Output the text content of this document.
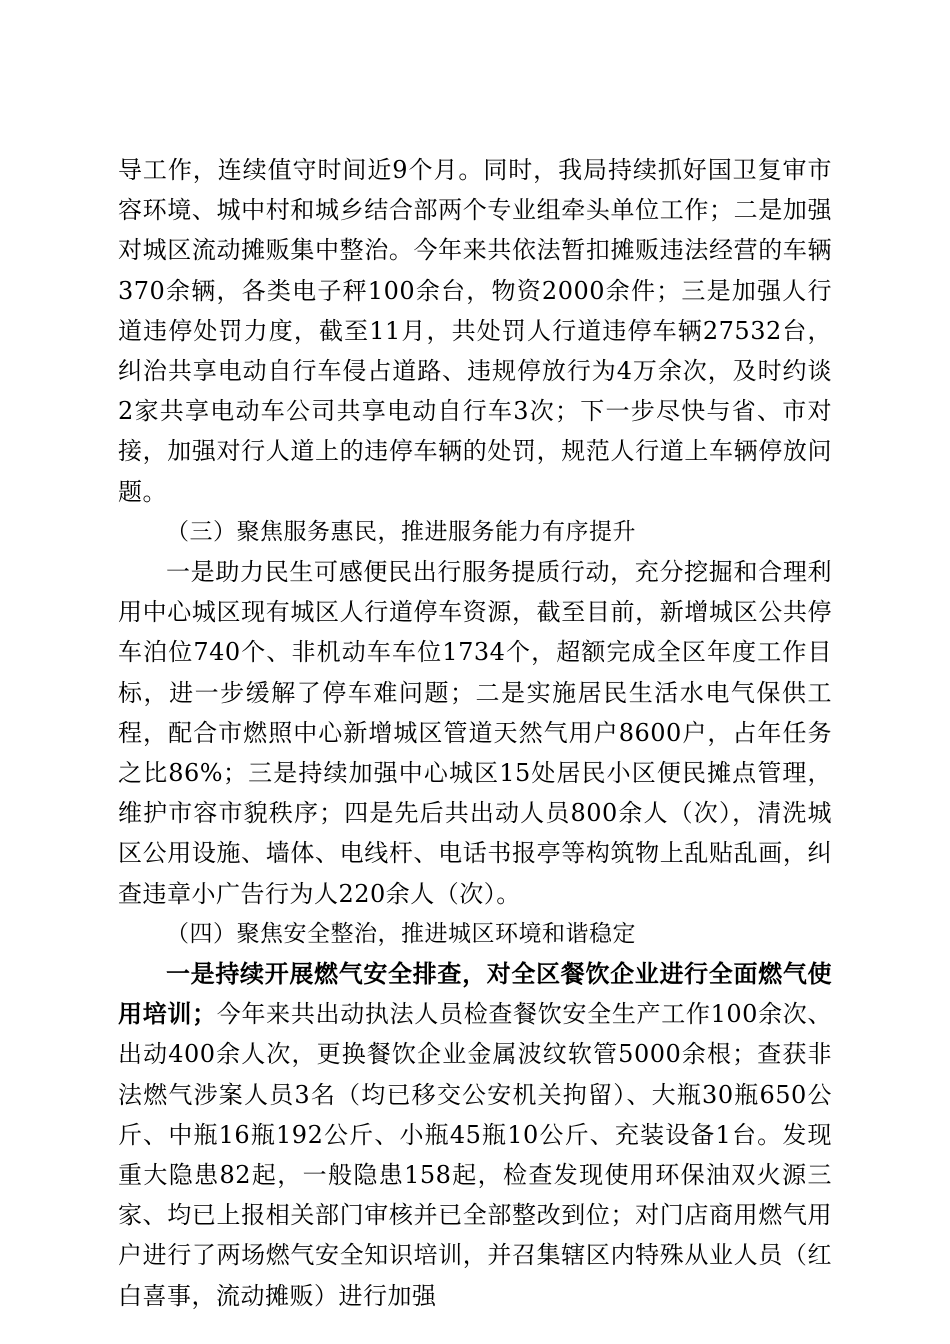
导工作，连续值守时间近9个月。同时，我局持续抓好国卫复审市容环境、城中村和城乡结合部两个专业组牵头单位工作；二是加强对城区流动摊贩集中整治。今年来共依法暂扣摊贩违法经营的车辆370余辆，各类电子秤100余台，物资2000余件；三是加强人行道违停处罚力度，截至11月，共处罚人行道违停车辆27532台，纠治共享电动自行车侵占道路、违规停放行为4万余次，及时约谈2家共享电动车公司共享电动自行车3次；下一步尽快与省、市对接，加强对行人道上的违停车辆的处罚，规范人行道上车辆停放问题。

（三）聚焦服务惠民，推进服务能力有序提升

一是助力民生可感便民出行服务提质行动，充分挖掘和合理利用中心城区现有城区人行道停车资源，截至目前，新增城区公共停车泊位740个、非机动车车位1734个，超额完成全区年度工作目标，进一步缓解了停车难问题；二是实施居民生活水电气保供工程，配合市燃照中心新增城区管道天然气用户8600户，占年任务之比86%；三是持续加强中心城区15处居民小区便民摊点管理，维护市容市貌秩序；四是先后共出动人员800余人（次），清洗城区公用设施、墙体、电线杆、电话书报亭等构筑物上乱贴乱画，纠查违章小广告行为人220余人（次）。

（四）聚焦安全整治，推进城区环境和谐稳定

一是持续开展燃气安全排查，对全区餐饮企业进行全面燃气使用培训；今年来共出动执法人员检查餐饮安全生产工作100余次、出动400余人次，更换餐饮企业金属波纹软管5000余根；查获非法燃气涉案人员3名（均已移交公安机关拘留）、大瓶30瓶650公斤、中瓶16瓶192公斤、小瓶45瓶10公斤、充装设备1台。发现重大隐患82起，一般隐患158起，检查发现使用环保油双火源三家、均已上报相关部门审核并已全部整改到位；对门店商用燃气用户进行了两场燃气安全知识培训，并召集辖区内特殊从业人员（红白喜事，流动摊贩）进行加强
